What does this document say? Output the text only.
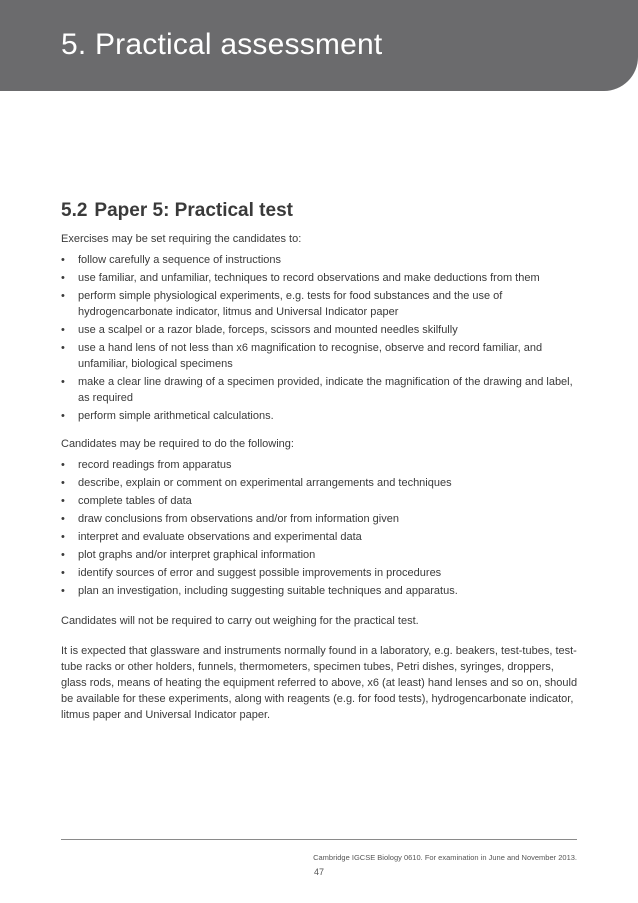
5. Practical assessment
5.2 Paper 5: Practical test

Exercises may be set requiring the candidates to:

• follow carefully a sequence of instructions
• use familiar, and unfamiliar, techniques to record observations and make deductions from them
• perform simple physiological experiments, e.g. tests for food substances and the use of hydrogencarbonate indicator, litmus and Universal Indicator paper
• use a scalpel or a razor blade, forceps, scissors and mounted needles skilfully
• use a hand lens of not less than x6 magnification to recognise, observe and record familiar, and unfamiliar, biological specimens
• make a clear line drawing of a specimen provided, indicate the magnification of the drawing and label, as required
• perform simple arithmetical calculations.

Candidates may be required to do the following:

• record readings from apparatus
• describe, explain or comment on experimental arrangements and techniques
• complete tables of data
• draw conclusions from observations and/or from information given
• interpret and evaluate observations and experimental data
• plot graphs and/or interpret graphical information
• identify sources of error and suggest possible improvements in procedures
• plan an investigation, including suggesting suitable techniques and apparatus.

Candidates will not be required to carry out weighing for the practical test.

It is expected that glassware and instruments normally found in a laboratory, e.g. beakers, test-tubes, test-tube racks or other holders, funnels, thermometers, specimen tubes, Petri dishes, syringes, droppers, glass rods, means of heating the equipment referred to above, x6 (at least) hand lenses and so on, should be available for these experiments, along with reagents (e.g. for food tests), hydrogencarbonate indicator, litmus paper and Universal Indicator paper.

Cambridge IGCSE Biology 0610. For examination in June and November 2013.
47
